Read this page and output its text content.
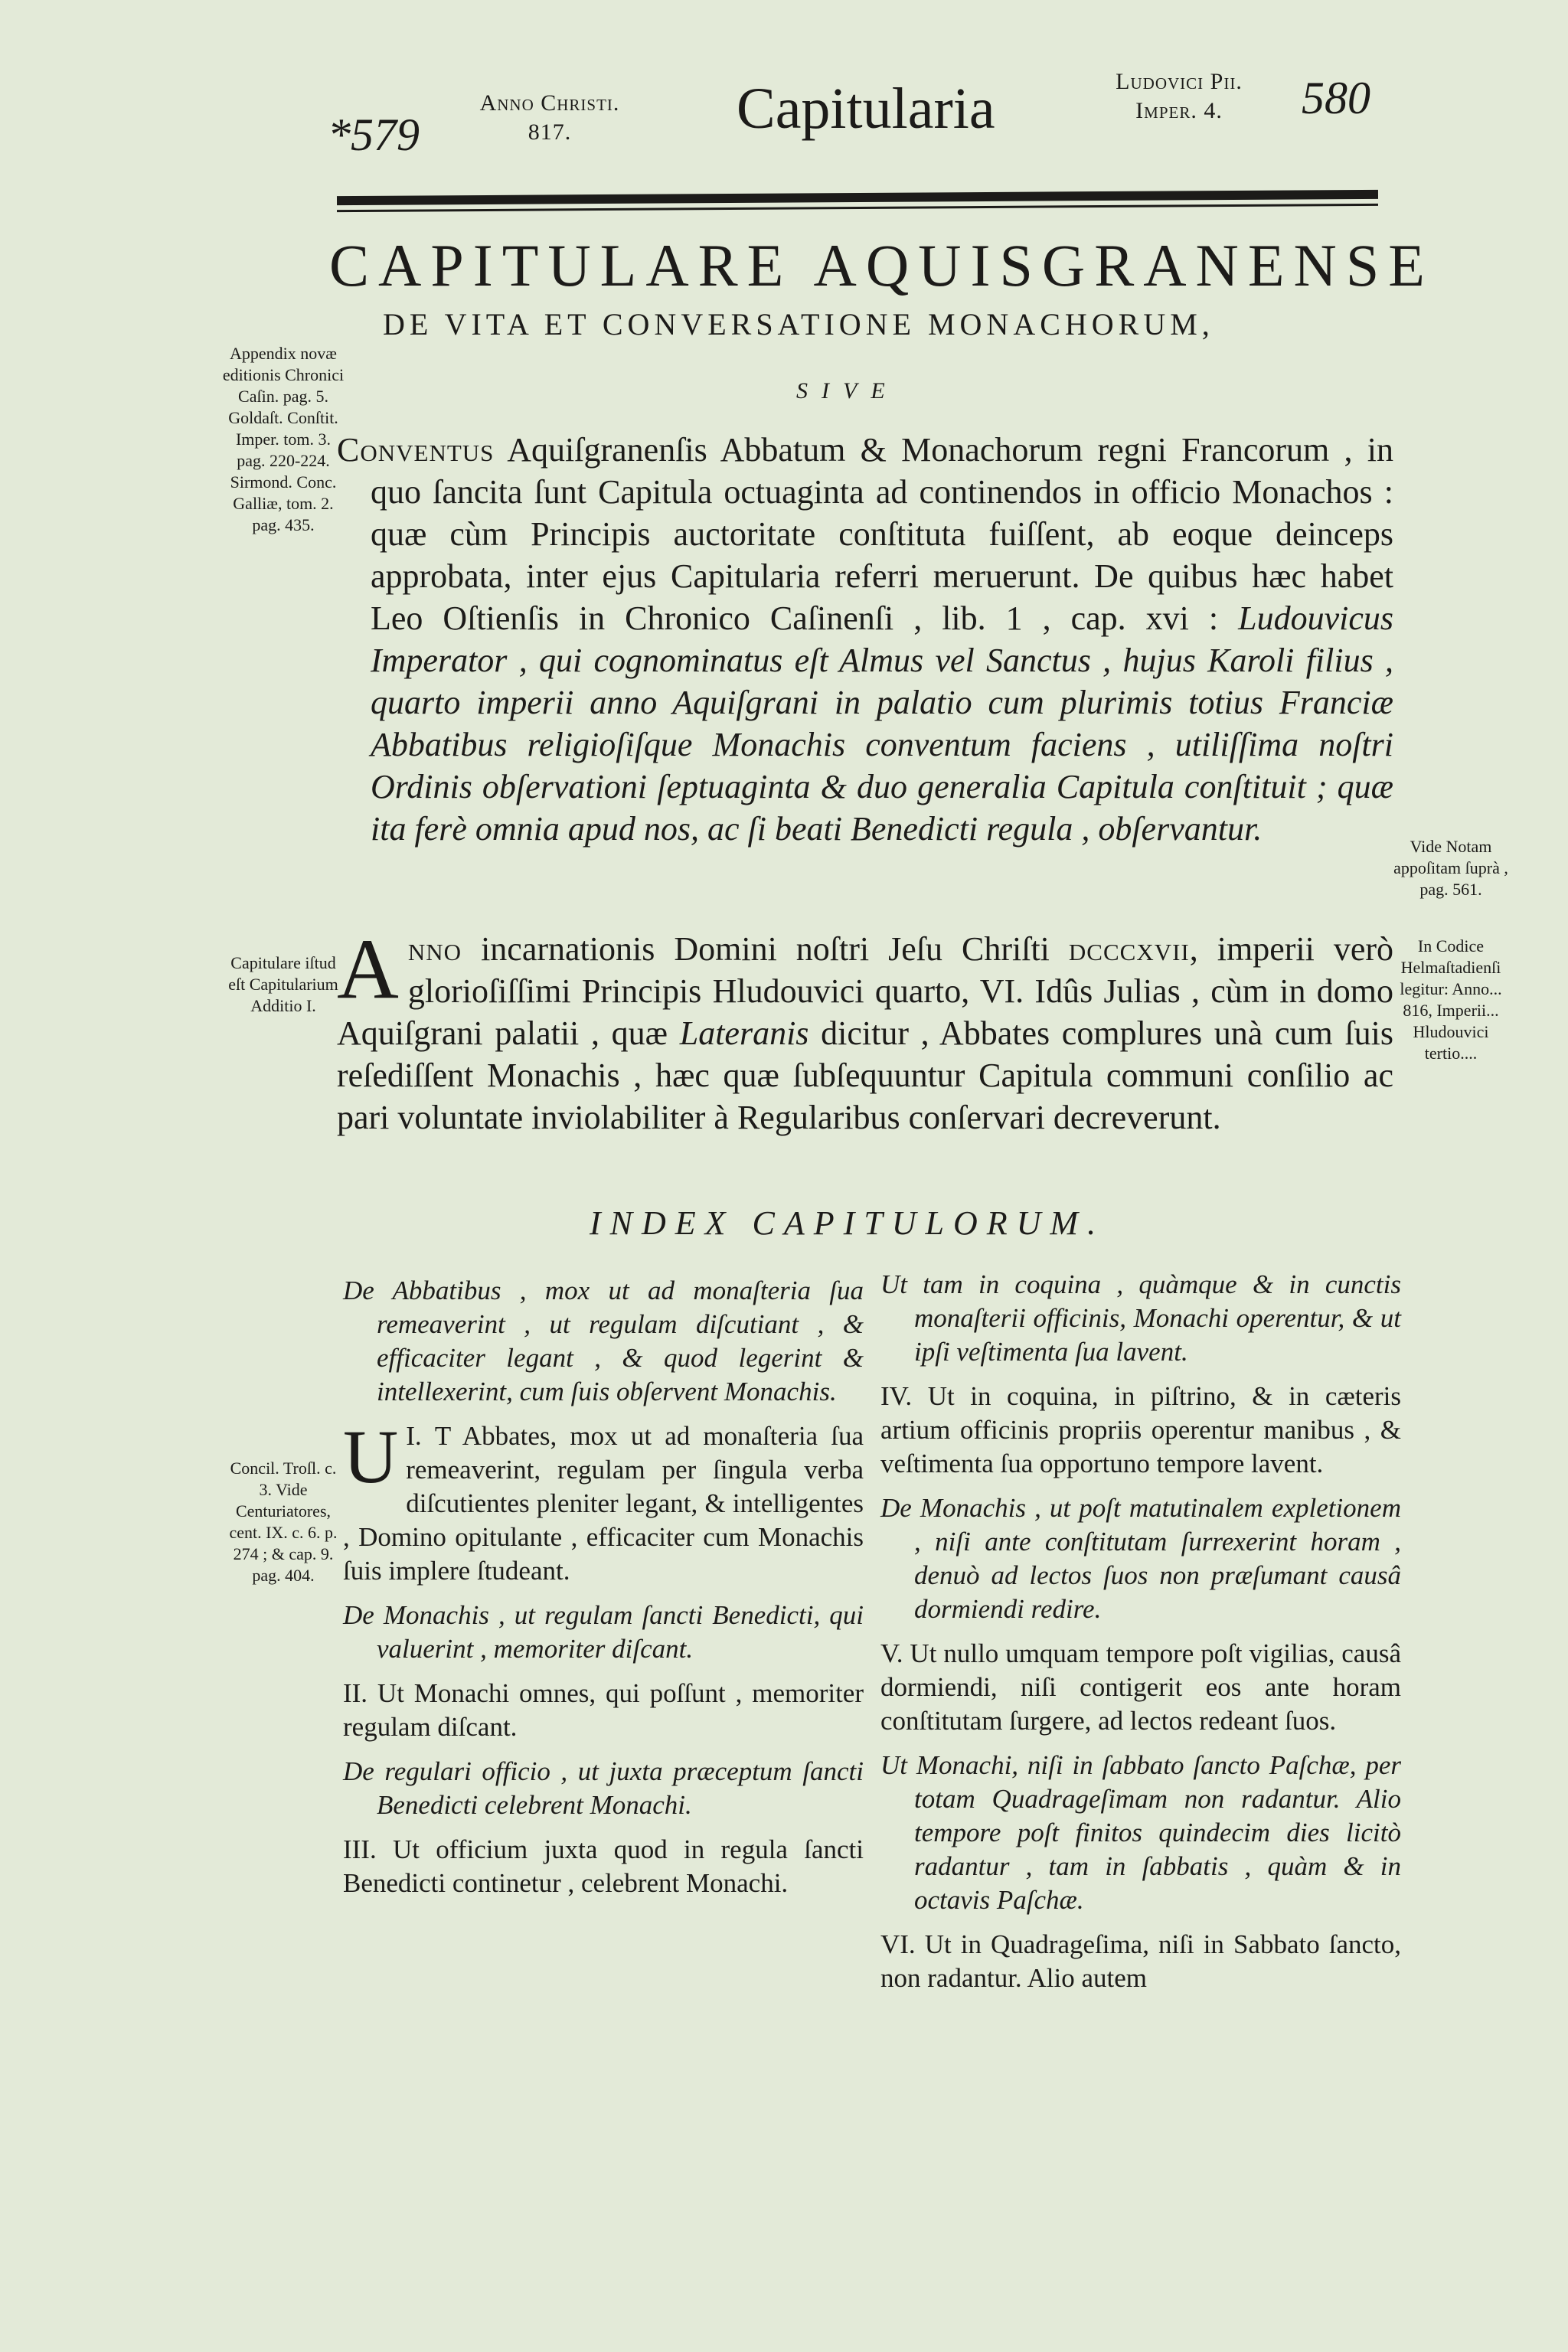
*579
Anno Christi.
817.	Capitularia	Ludovici Pii.
Imper. 4.	580
CAPITULARE AQUISGRANENSE
DE VITA ET CONVERSATIONE MONACHORUM,
SIVE

Conventus Aquiſgranenſis Abbatum & Monachorum regni Francorum , in quo ſancita ſunt Capitula octuaginta ad continendos in officio Monachos : quæ cùm Principis auctoritate conſtituta fuiſſent, ab eoque deinceps approbata, inter ejus Capitularia referri meruerunt. De quibus hæc habet Leo Oſtienſis in Chronico Caſinenſi , lib. 1 , cap. xvi : Ludouvicus Imperator , qui cognominatus eſt Almus vel Sanctus , hujus Karoli filius , quarto imperii anno Aquiſgrani in palatio cum plurimis totius Franciæ Abbatibus religioſiſque Monachis conventum faciens , utiliſſima noſtri Ordinis obſervationi ſeptuaginta & duo generalia Capitula conſtituit ; quæ ita ferè omnia apud nos, ac ſi beati Benedicti regula , obſervantur.

A nno incarnationis Domini noſtri Jeſu Chriſti dcccxvii, imperii verò glorioſiſſimi Principis Hludouvici quarto, VI. Idûs Julias , cùm in domo Aquiſgrani palatii , quæ Lateranis dicitur , Abbates complures unà cum ſuis reſediſſent Monachis , hæc quæ ſubſequuntur Capitula communi conſilio ac pari voluntate inviolabiliter à Regularibus conſervari decreverunt.

INDEX CAPITULORUM.

Appendix novæ editionis Chronici Caſin. pag. 5. Goldaſt. Conſtit. Imper. tom. 3. pag. 220-224. Sirmond. Conc. Galliæ, tom. 2. pag. 435.

Capitulare iſtud eſt Capitularium Additio I.

Concil. Troſl. c. 3. Vide Centuriatores, cent. IX. c. 6. p. 274 ; & cap. 9. pag. 404.

Vide Notam appoſitam ſuprà , pag. 561.

In Codice Helmaſtadienſi legitur: Anno... 816, Imperii... Hludouvici tertio....

De Abbatibus , mox ut ad monaſteria ſua remeaverint , ut regulam diſcutiant , & efficaciter legant , & quod legerint & intellexerint, cum ſuis obſervent Monachis.

I.
U T Abbates, mox ut ad monaſteria ſua remeaverint, regulam per ſingula verba diſcutientes pleniter legant, & intelligentes , Domino opitulante , efficaciter cum Monachis ſuis implere ſtudeant.

De Monachis , ut regulam ſancti Benedicti, qui valuerint , memoriter diſcant.

II. Ut Monachi omnes, qui poſſunt , memoriter regulam diſcant.

De regulari officio , ut juxta præceptum ſancti Benedicti celebrent Monachi.

III. Ut officium juxta quod in regula ſancti Benedicti continetur , celebrent Monachi.

Ut tam in coquina , quàmque & in cunctis monaſterii officinis, Monachi operentur, & ut ipſi veſtimenta ſua lavent.

IV. Ut in coquina, in piſtrino, & in cæteris artium officinis propriis operentur manibus , & veſtimenta ſua opportuno tempore lavent.

De Monachis , ut poſt matutinalem expletionem , niſi ante conſtitutam ſurrexerint horam , denuò ad lectos ſuos non præſumant causâ dormiendi redire.

V. Ut nullo umquam tempore poſt vigilias, causâ dormiendi, niſi contigerit eos ante horam conſtitutam ſurgere, ad lectos redeant ſuos.

Ut Monachi, niſi in ſabbato ſancto Paſchæ, per totam Quadrageſimam non radantur. Alio tempore poſt finitos quindecim dies licitò radantur , tam in ſabbatis , quàm & in octavis Paſchæ.

VI. Ut in Quadrageſima, niſi in Sabbato ſancto, non radantur. Alio autem
